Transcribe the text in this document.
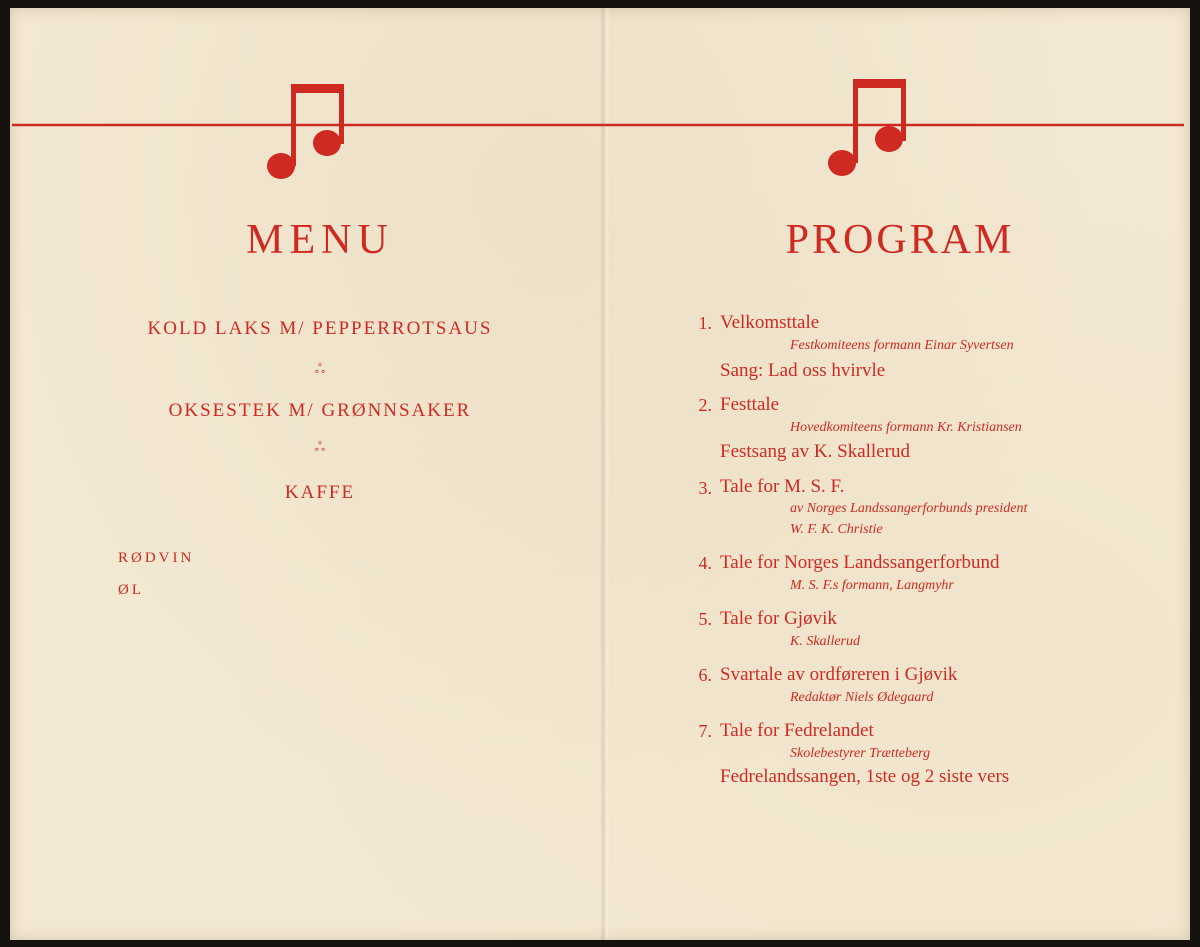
MENU
KOLD LAKS M/ PEPPERROTSAUS
ஃ
OKSESTEK M/ GRØNNSAKER
ஃ
KAFFE
RØDVIN
ØL
PROGRAM
1. Velkomsttale
Festkomiteens formann Einar Syvertsen
Sang: Lad oss hvirvle
2. Festtale
Hovedkomiteens formann Kr. Kristiansen
Festsang av K. Skallerud
3. Tale for M. S. F.
av Norges Landssangerforbunds president
W. F. K. Christie
4. Tale for Norges Landssangerforbund
M. S. F.s formann, Langmyhr
5. Tale for Gjøvik
K. Skallerud
6. Svartale av ordføreren i Gjøvik
Redaktør Niels Ødegaard
7. Tale for Fedrelandet
Skolebestyrer Trætteberg
Fedrelandssangen, 1ste og 2 siste vers
